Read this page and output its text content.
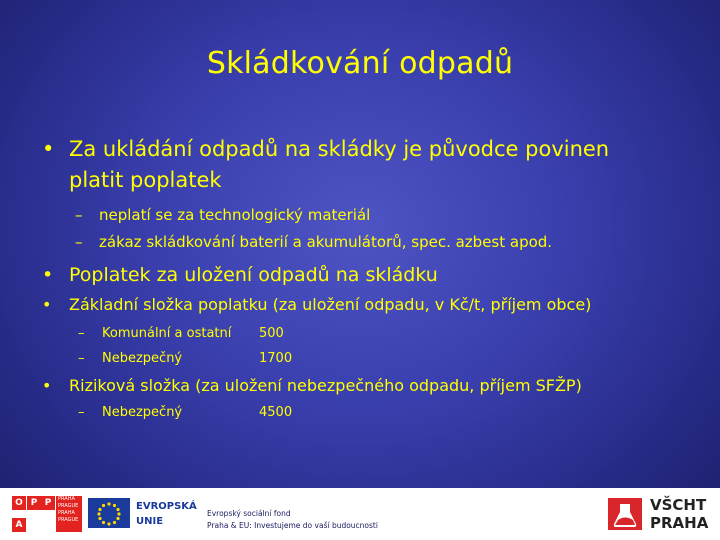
Skládkování odpadů
• Za ukládání odpadů na skládky je původce povinen
platit poplatek
– neplatí se za technologický materiál
– zákaz skládkování baterií a akumulátorů, spec. azbest apod.
• Poplatek za uložení odpadů na skládku
• Základní složka poplatku (za uložení odpadu, v Kč/t, příjem obce)
– Komunální a ostatní 500
– Nebezpečný	1700
• Riziková složka (za uložení nebezpečného odpadu, příjem SFŽP)
– Nebezpečný	4500
O P P
A
PRAHA
PRAGUE
PRAHA
PRAGUE
EVROPSKÁ
UNIE
Evropský sociální fond
Praha & EU: Investujeme do vaší budoucnosti
VŠCHT
PRAHA
